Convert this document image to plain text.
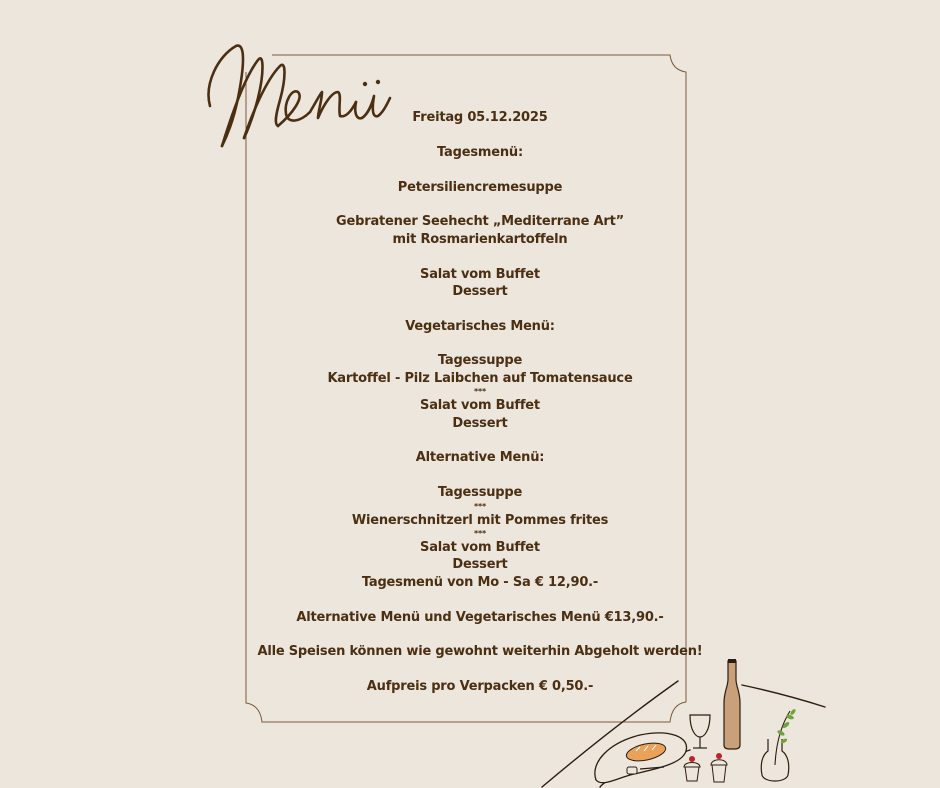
Freitag 05.12.2025
Tagesmenü:
Petersiliencremesuppe
Gebratener Seehecht „Mediterrane Art”
mit Rosmarienkartoffeln
Salat vom Buffet
Dessert
Vegetarisches Menü:
Tagessuppe
Kartoffel - Pilz Laibchen auf Tomatensauce
***
Salat vom Buffet
Dessert
Alternative Menü:
Tagessuppe
***
Wienerschnitzerl mit Pommes frites
***
Salat vom Buffet
Dessert
Tagesmenü von Mo - Sa € 12,90.-
Alternative Menü und Vegetarisches Menü €13,90.-
Alle Speisen können wie gewohnt weiterhin Abgeholt werden!
Aufpreis pro Verpacken € 0,50.-
